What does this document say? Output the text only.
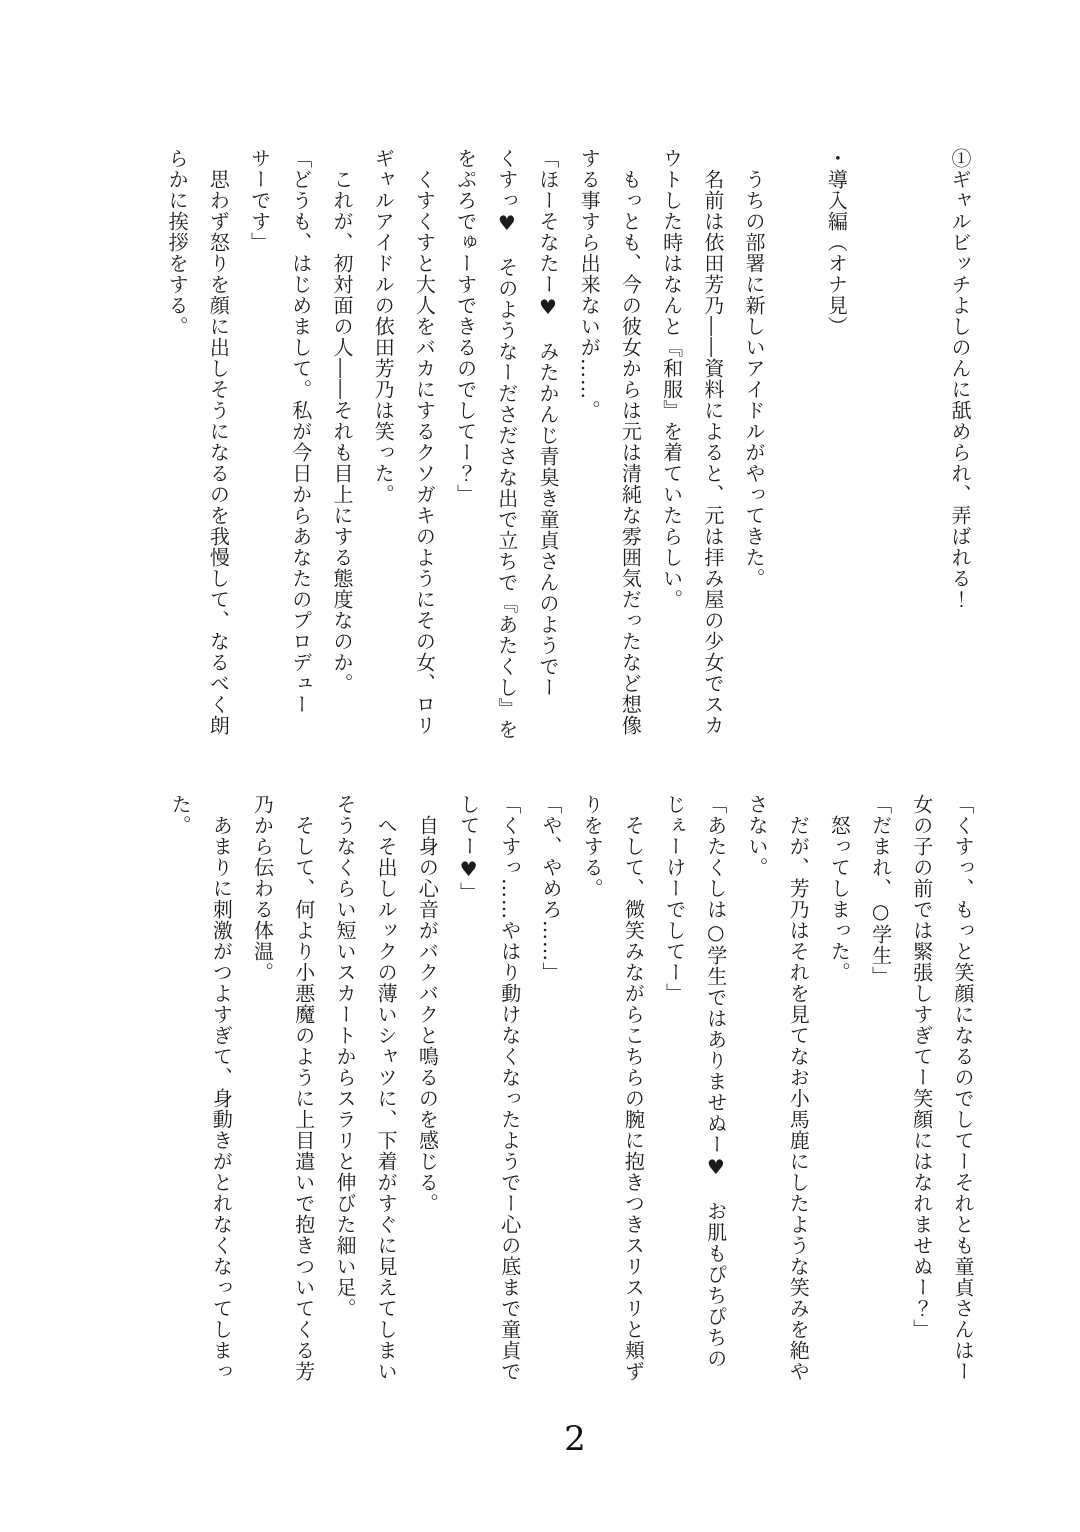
①ギャルビッチよしのんに舐められ、弄ばれる！

・導入編（オナ見）

うちの部署に新しいアイドルがやってきた。

名前は依田芳乃――資料によると、元は拝み屋の少女でスカ

ウトした時はなんと『和服』を着ていたらしい。

もっとも、今の彼女からは元は清純な雰囲気だったなど想像

する事すら出来ないが……。

「ほーそなたー♥　みたかんじ青臭き童貞さんのようでー

くすっ♥　そのようなーださださな出で立ちで『あたくし』を

をぷろでゅーすできるのでしてー？」

くすくすと大人をバカにするクソガキのようにその女、ロリ

ギャルアイドルの依田芳乃は笑った。

これが、初対面の人――それも目上にする態度なのか。

「どうも、はじめまして。私が今日からあなたのプロデュー

サーです」

思わず怒りを顔に出しそうになるのを我慢して、なるべく朗

らかに挨拶をする。

「くすっ、もっと笑顔になるのでしてーそれとも童貞さんはー

女の子の前では緊張しすぎてー笑顔にはなれませぬー？」

「だまれ、○学生」

怒ってしまった。

だが、芳乃はそれを見てなお小馬鹿にしたような笑みを絶や

さない。

「あたくしは○学生ではありませぬー♥　お肌もぴちぴちの

じぇーけーでしてー」

そして、微笑みながらこちらの腕に抱きつきスリスリと頬ず

りをする。

「や、やめろ……」

「くすっ……やはり動けなくなったようでー心の底まで童貞で

してー♥」

自身の心音がバクバクと鳴るのを感じる。

へそ出しルックの薄いシャツに、下着がすぐに見えてしまい

そうなくらい短いスカートからスラリと伸びた細い足。

そして、何より小悪魔のように上目遣いで抱きついてくる芳

乃から伝わる体温。

あまりに刺激がつよすぎて、身動きがとれなくなってしまっ

た。

2
